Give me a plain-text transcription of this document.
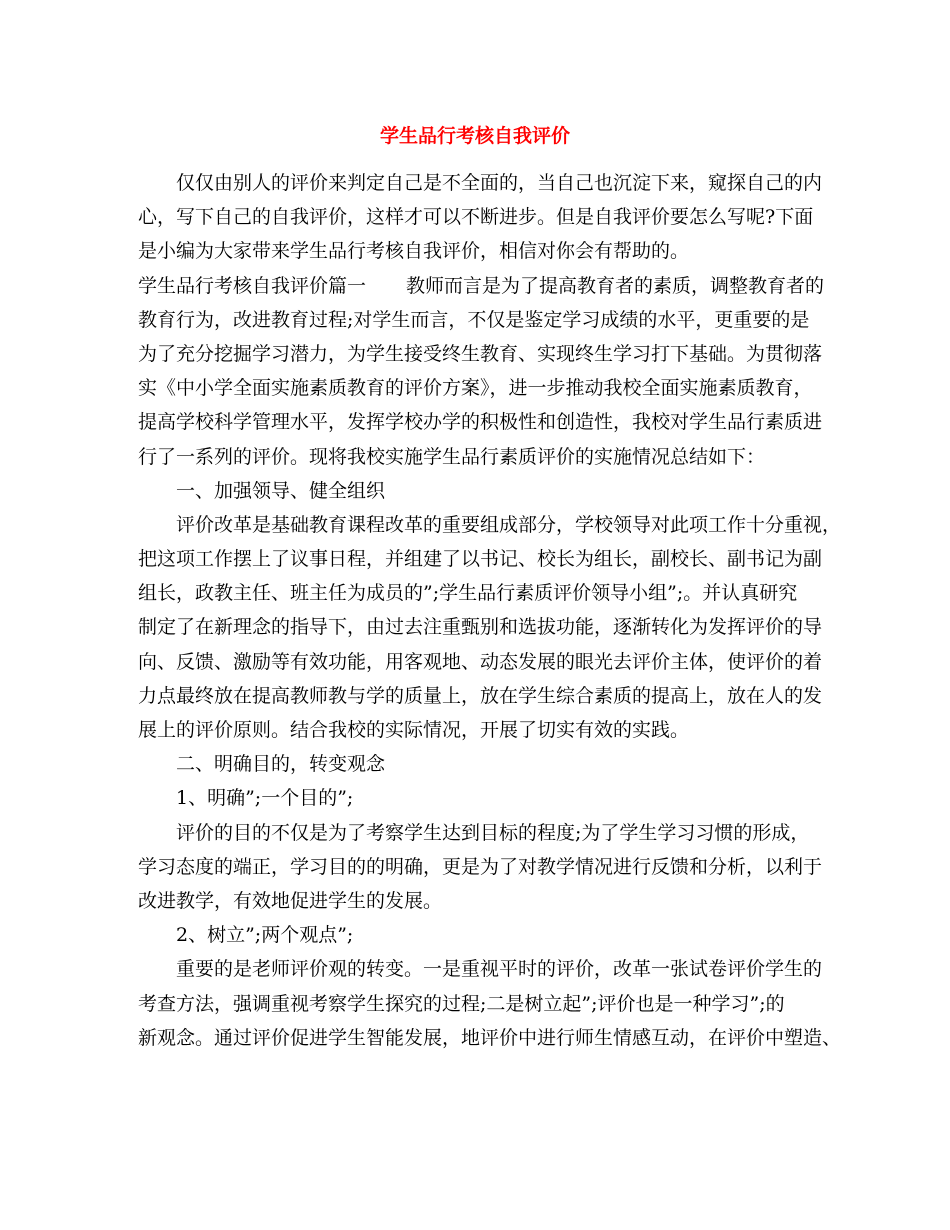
学生品行考核自我评价
仅仅由别人的评价来判定自己是不全面的，当自己也沉淀下来，窥探自己的内
心，写下自己的自我评价，这样才可以不断进步。但是自我评价要怎么写呢?下面
是小编为大家带来学生品行考核自我评价，相信对你会有帮助的。
学生品行考核自我评价篇一 教师而言是为了提高教育者的素质，调整教育者的
教育行为，改进教育过程;对学生而言，不仅是鉴定学习成绩的水平，更重要的是
为了充分挖掘学习潜力，为学生接受终生教育、实现终生学习打下基础。为贯彻落
实《中小学全面实施素质教育的评价方案》，进一步推动我校全面实施素质教育，
提高学校科学管理水平，发挥学校办学的积极性和创造性，我校对学生品行素质进
行了一系列的评价。现将我校实施学生品行素质评价的实施情况总结如下：
一、加强领导、健全组织
评价改革是基础教育课程改革的重要组成部分，学校领导对此项工作十分重视，
把这项工作摆上了议事日程，并组建了以书记、校长为组长，副校长、副书记为副
组长，政教主任、班主任为成员的”;学生品行素质评价领导小组”;。并认真研究
制定了在新理念的指导下，由过去注重甄别和选拔功能，逐渐转化为发挥评价的导
向、反馈、激励等有效功能，用客观地、动态发展的眼光去评价主体，使评价的着
力点最终放在提高教师教与学的质量上，放在学生综合素质的提高上，放在人的发
展上的评价原则。结合我校的实际情况，开展了切实有效的实践。
二、明确目的，转变观念
1、明确”;一个目的”;
评价的目的不仅是为了考察学生达到目标的程度;为了学生学习习惯的形成，
学习态度的端正，学习目的的明确，更是为了对教学情况进行反馈和分析，以利于
改进教学，有效地促进学生的发展。
2、树立”;两个观点”;
重要的是老师评价观的转变。一是重视平时的评价，改革一张试卷评价学生的
考查方法，强调重视考察学生探究的过程;二是树立起”;评价也是一种学习”;的
新观念。通过评价促进学生智能发展，地评价中进行师生情感互动，在评价中塑造、
